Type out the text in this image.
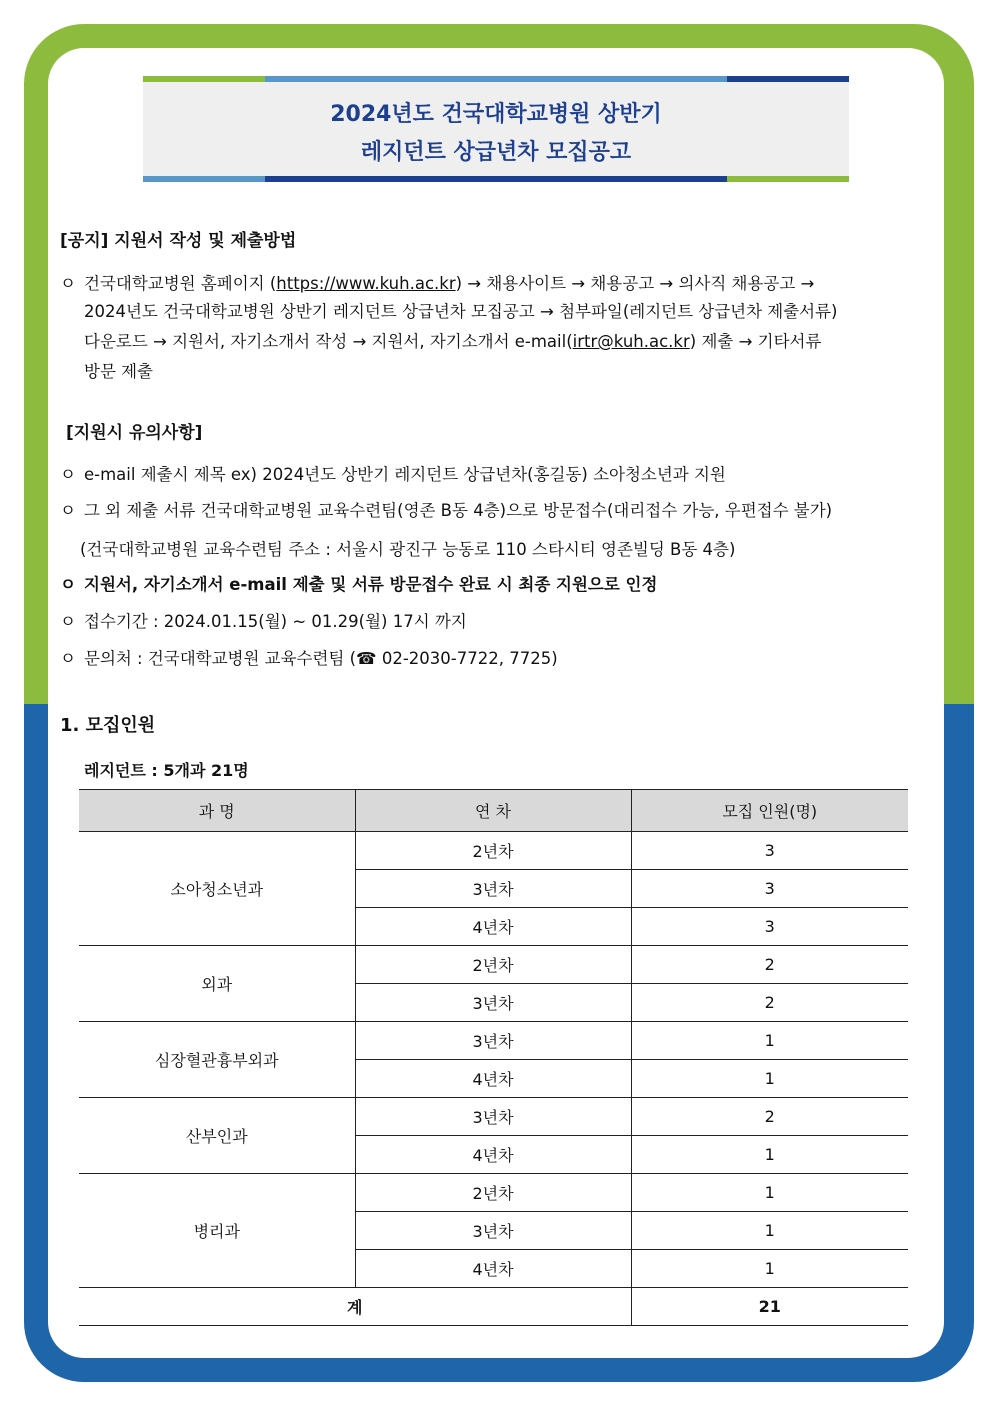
2024년도 건국대학교병원 상반기
레지던트 상급년차 모집공고
[공지] 지원서 작성 및 제출방법
ㅇ 건국대학교병원 홈페이지 (https://www.kuh.ac.kr) → 채용사이트 → 채용공고 → 의사직 채용공고 →
2024년도 건국대학교병원 상반기 레지던트 상급년차 모집공고 → 첨부파일(레지던트 상급년차 제출서류)
다운로드 → 지원서, 자기소개서 작성 → 지원서, 자기소개서 e-mail(irtr@kuh.ac.kr) 제출 → 기타서류
방문 제출
[지원시 유의사항]
ㅇ e-mail 제출시 제목 ex) 2024년도 상반기 레지던트 상급년차(홍길동) 소아청소년과 지원
ㅇ 그 외 제출 서류 건국대학교병원 교육수련팀(영존 B동 4층)으로 방문접수(대리접수 가능, 우편접수 불가)
(건국대학교병원 교육수련팀 주소 : 서울시 광진구 능동로 110 스타시티 영존빌딩 B동 4층)
ㅇ 지원서, 자기소개서 e-mail 제출 및 서류 방문접수 완료 시 최종 지원으로 인정
ㅇ 접수기간 : 2024.01.15(월) ~ 01.29(월) 17시 까지
ㅇ 문의처 : 건국대학교병원 교육수련팀 (☎ 02-2030-7722, 7725)
1. 모집인원
레지던트 : 5개과 21명
과 명	연 차	모집 인원(명)
소아청소년과	2년차	3
	3년차	3
	4년차	3
외과	2년차	2
	3년차	2
심장혈관흉부외과	3년차	1
	4년차	1
산부인과	3년차	2
	4년차	1
병리과	2년차	1
	3년차	1
	4년차	1
계		21
